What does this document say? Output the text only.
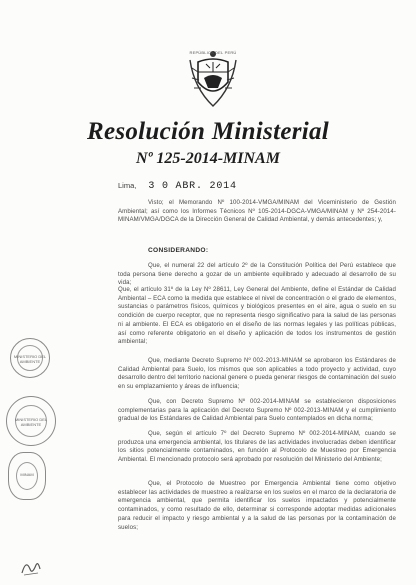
REPÚBLICA DEL PERÚ
Resolución Ministerial
Nº 125-2014-MINAM
Lima, 3 0 ABR. 2014
Visto; el Memorando Nº 100-2014-VMGA/MINAM del Viceministerio de Gestión Ambiental; así como los Informes Técnicos Nº 105-2014-DGCA-VMGA/MINAM y Nº 254-2014-MINAM/VMGA/DGCA de la Dirección General de Calidad Ambiental, y demás antecedentes; y,
CONSIDERANDO:
Que, el numeral 22 del artículo 2º de la Constitución Política del Perú establece que toda persona tiene derecho a gozar de un ambiente equilibrado y adecuado al desarrollo de su vida;
Que, el artículo 31º de la Ley Nº 28611, Ley General del Ambiente, define el Estándar de Calidad Ambiental – ECA como la medida que establece el nivel de concentración o el grado de elementos, sustancias o parámetros físicos, químicos y biológicos presentes en el aire, agua o suelo en su condición de cuerpo receptor, que no representa riesgo significativo para la salud de las personas ni al ambiente. El ECA es obligatorio en el diseño de las normas legales y las políticas públicas, así como referente obligatorio en el diseño y aplicación de todos los instrumentos de gestión ambiental;
Que, mediante Decreto Supremo Nº 002-2013-MINAM se aprobaron los Estándares de Calidad Ambiental para Suelo, los mismos que son aplicables a todo proyecto y actividad, cuyo desarrollo dentro del territorio nacional genere o pueda generar riesgos de contaminación del suelo en su emplazamiento y áreas de influencia;
Que, con Decreto Supremo Nº 002-2014-MINAM se establecieron disposiciones complementarias para la aplicación del Decreto Supremo Nº 002-2013-MINAM y el cumplimiento gradual de los Estándares de Calidad Ambiental para Suelo contemplados en dicha norma;
Que, según el artículo 7º del Decreto Supremo Nº 002-2014-MINAM, cuando se produzca una emergencia ambiental, los titulares de las actividades involucradas deben identificar los sitios potencialmente contaminados, en función al Protocolo de Muestreo por Emergencia Ambiental. El mencionado protocolo será aprobado por resolución del Ministerio del Ambiente;
Que, el Protocolo de Muestreo por Emergencia Ambiental tiene como objetivo establecer las actividades de muestreo a realizarse en los suelos en el marco de la declaratoria de emergencia ambiental, que permita identificar los suelos impactados y potencialmente contaminados, y como resultado de ello, determinar si corresponde adoptar medidas adicionales para reducir el impacto y riesgo ambiental y a la salud de las personas por la contaminación de suelos;
MINISTERIO DEL AMBIENTE
MINISTERIO DEL AMBIENTE
MINAM
